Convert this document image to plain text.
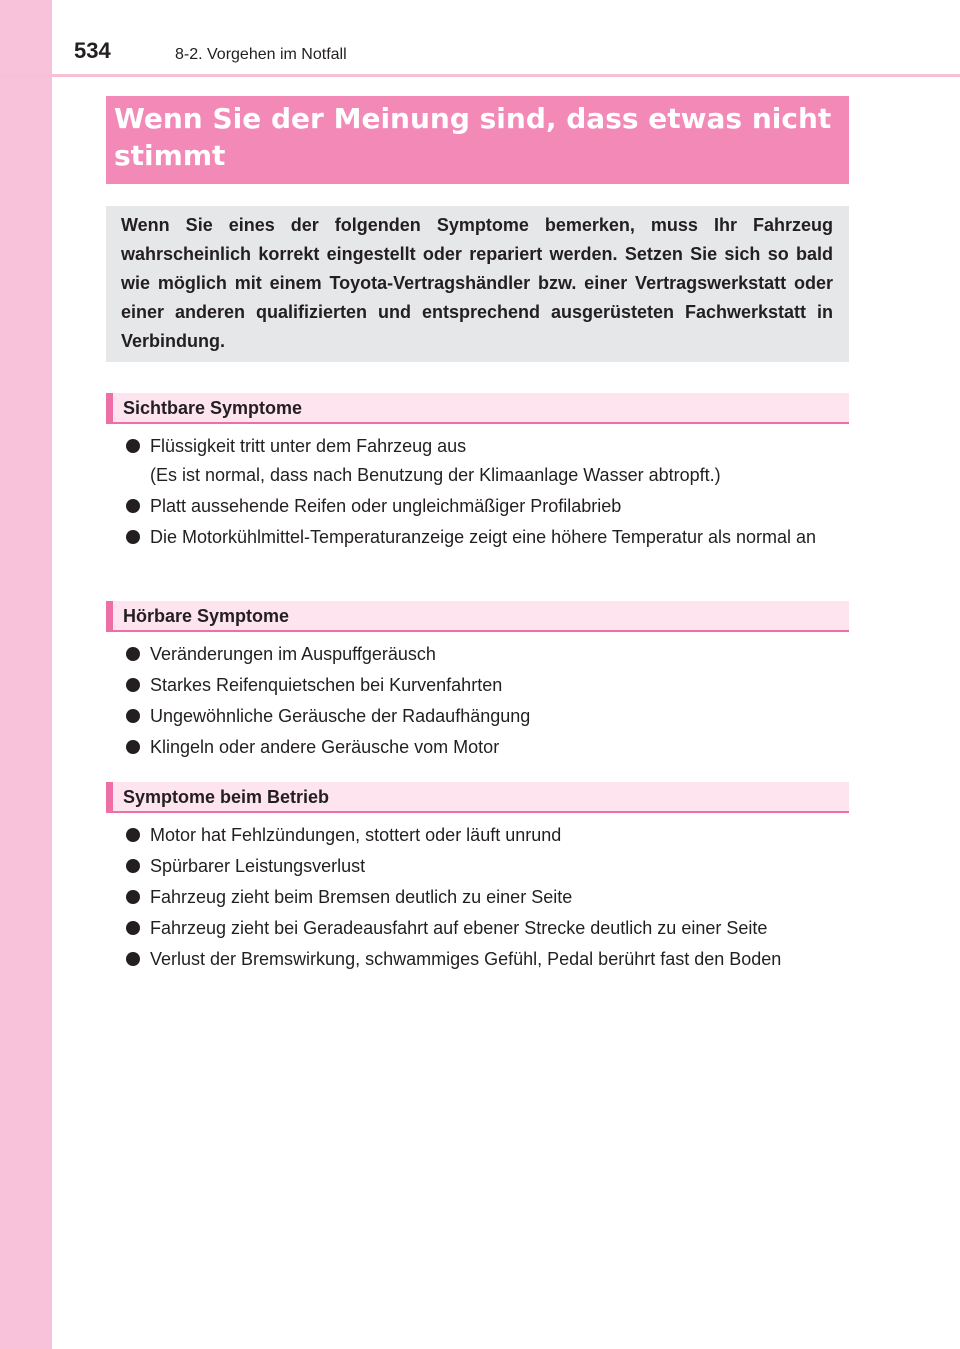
534	8-2. Vorgehen im Notfall
Wenn Sie der Meinung sind, dass etwas nicht stimmt
Wenn Sie eines der folgenden Symptome bemerken, muss Ihr Fahrzeug wahrscheinlich korrekt eingestellt oder repariert werden. Setzen Sie sich so bald wie möglich mit einem Toyota-Vertragshändler bzw. einer Vertragswerkstatt oder einer anderen qualifizierten und entsprechend ausgerüsteten Fachwerkstatt in Verbindung.
Sichtbare Symptome
Flüssigkeit tritt unter dem Fahrzeug aus
(Es ist normal, dass nach Benutzung der Klimaanlage Wasser abtropft.)
Platt aussehende Reifen oder ungleichmäßiger Profilabrieb
Die Motorkühlmittel-Temperaturanzeige zeigt eine höhere Temperatur als normal an
Hörbare Symptome
Veränderungen im Auspuffgeräusch
Starkes Reifenquietschen bei Kurvenfahrten
Ungewöhnliche Geräusche der Radaufhängung
Klingeln oder andere Geräusche vom Motor
Symptome beim Betrieb
Motor hat Fehlzündungen, stottert oder läuft unrund
Spürbarer Leistungsverlust
Fahrzeug zieht beim Bremsen deutlich zu einer Seite
Fahrzeug zieht bei Geradeausfahrt auf ebener Strecke deutlich zu einer Seite
Verlust der Bremswirkung, schwammiges Gefühl, Pedal berührt fast den Boden
